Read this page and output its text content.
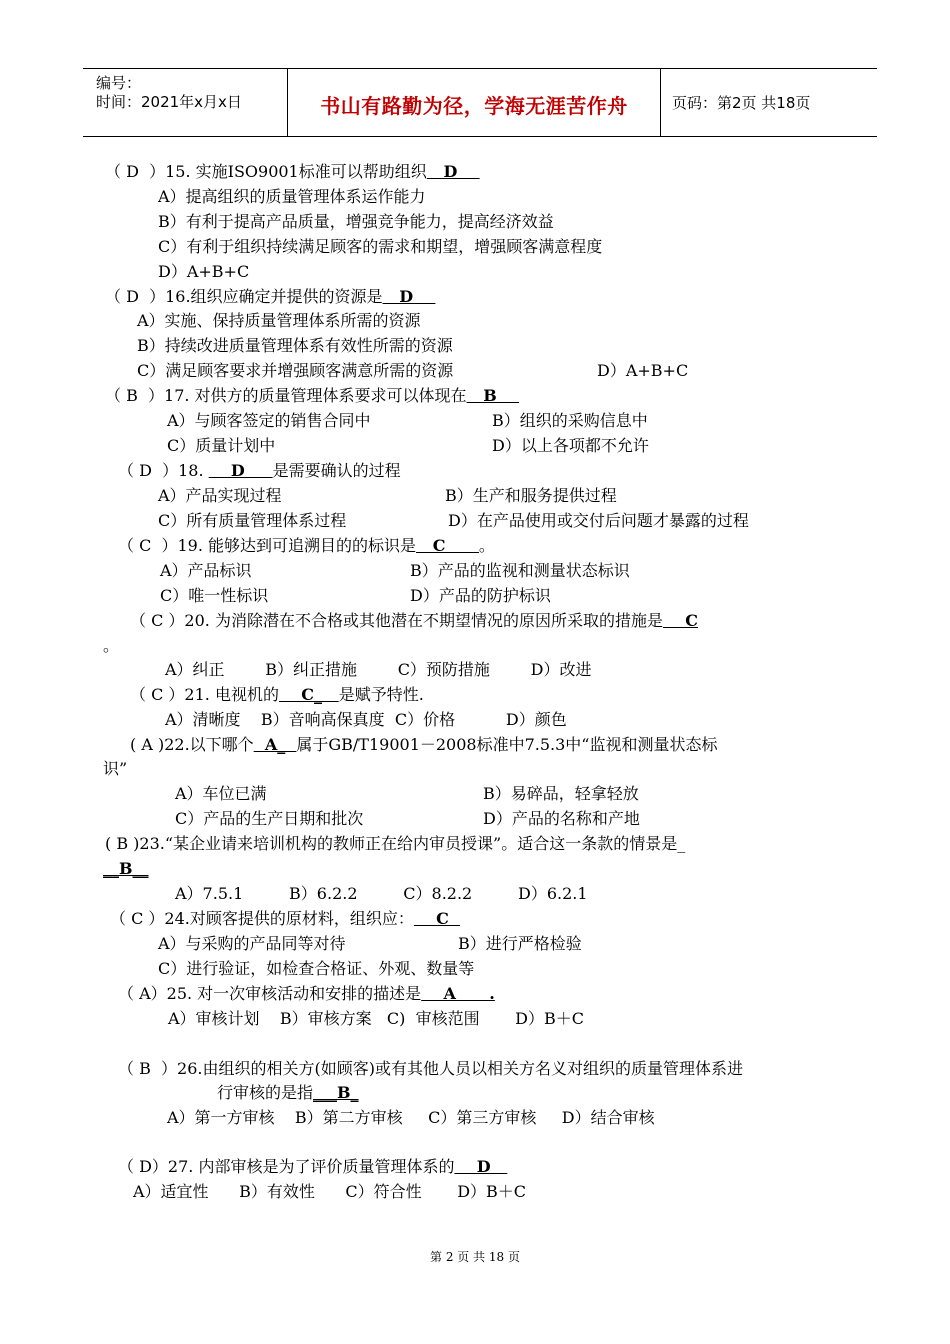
编号：
时间：2021年x月x日	书山有路勤为径，学海无涯苦作舟	页码：第2页 共18页
（ D  ）15. 实施ISO9001标准可以帮助组织   D
A）提高组织的质量管理体系运作能力
B）有利于提高产品质量，增强竞争能力，提高经济效益
C）有利于组织持续满足顾客的需求和期望，增强顾客满意程度
D）A+B+C
（ D  ）16.组织应确定并提供的资源是   D
A）实施、保持质量管理体系所需的资源
B）持续改进质量管理体系有效性所需的资源
C）满足顾客要求并增强顾客满意所需的资源	D）A+B+C
（ B  ）17. 对供方的质量管理体系要求可以体现在   B
A）与顾客签定的销售合同中	B）组织的采购信息中
C）质量计划中	D）以上各项都不允许
（ D  ）18.     D     是需要确认的过程
A）产品实现过程	B）生产和服务提供过程
C）所有质量管理体系过程	D）在产品使用或交付后问题才暴露的过程
（ C  ）19. 能够达到可追溯目的的标识是   C      。
A）产品标识	B）产品的监视和测量状态标识
C）唯一性标识	D）产品的防护标识
（ C ）20. 为消除潜在不合格或其他潜在不期望情况的原因所采取的措施是    C
。
A）纠正        B）纠正措施        C）预防措施        D）改进
（ C ）21. 电视机的    C_   是赋予特性.
A）清晰度    B）音响高保真度  C）价格          D）颜色
( A )22.以下哪个  A_  属于GB/T19001－2008标准中7.5.3中“监视和测量状态标
识”
A）车位已满	B）易碎品，轻拿轻放
C）产品的生产日期和批次	D）产品的名称和产地
( B )23.“某企业请来培训机构的教师正在给内审员授课”。适合这一条款的情景是_
__B__
A）7.5.1         B）6.2.2         C）8.2.2         D）6.2.1
（ C ）24.对顾客提供的原材料，组织应：    C
A）与采购的产品同等对待	B）进行严格检验
C）进行验证，如检查合格证、外观、数量等
（ A）25. 对一次审核活动和安排的描述是    A      .
A）审核计划    B）审核方案   C)  审核范围       D）B＋C
（ B  ）26.由组织的相关方(如顾客)或有其他人员以相关方名义对组织的质量管理体系进
行审核的是指___B_
A）第一方审核    B）第二方审核     C）第三方审核     D）结合审核
（ D）27. 内部审核是为了评价质量管理体系的    D
A）适宜性      B）有效性      C）符合性       D）B＋C
第 2 页 共 18 页
